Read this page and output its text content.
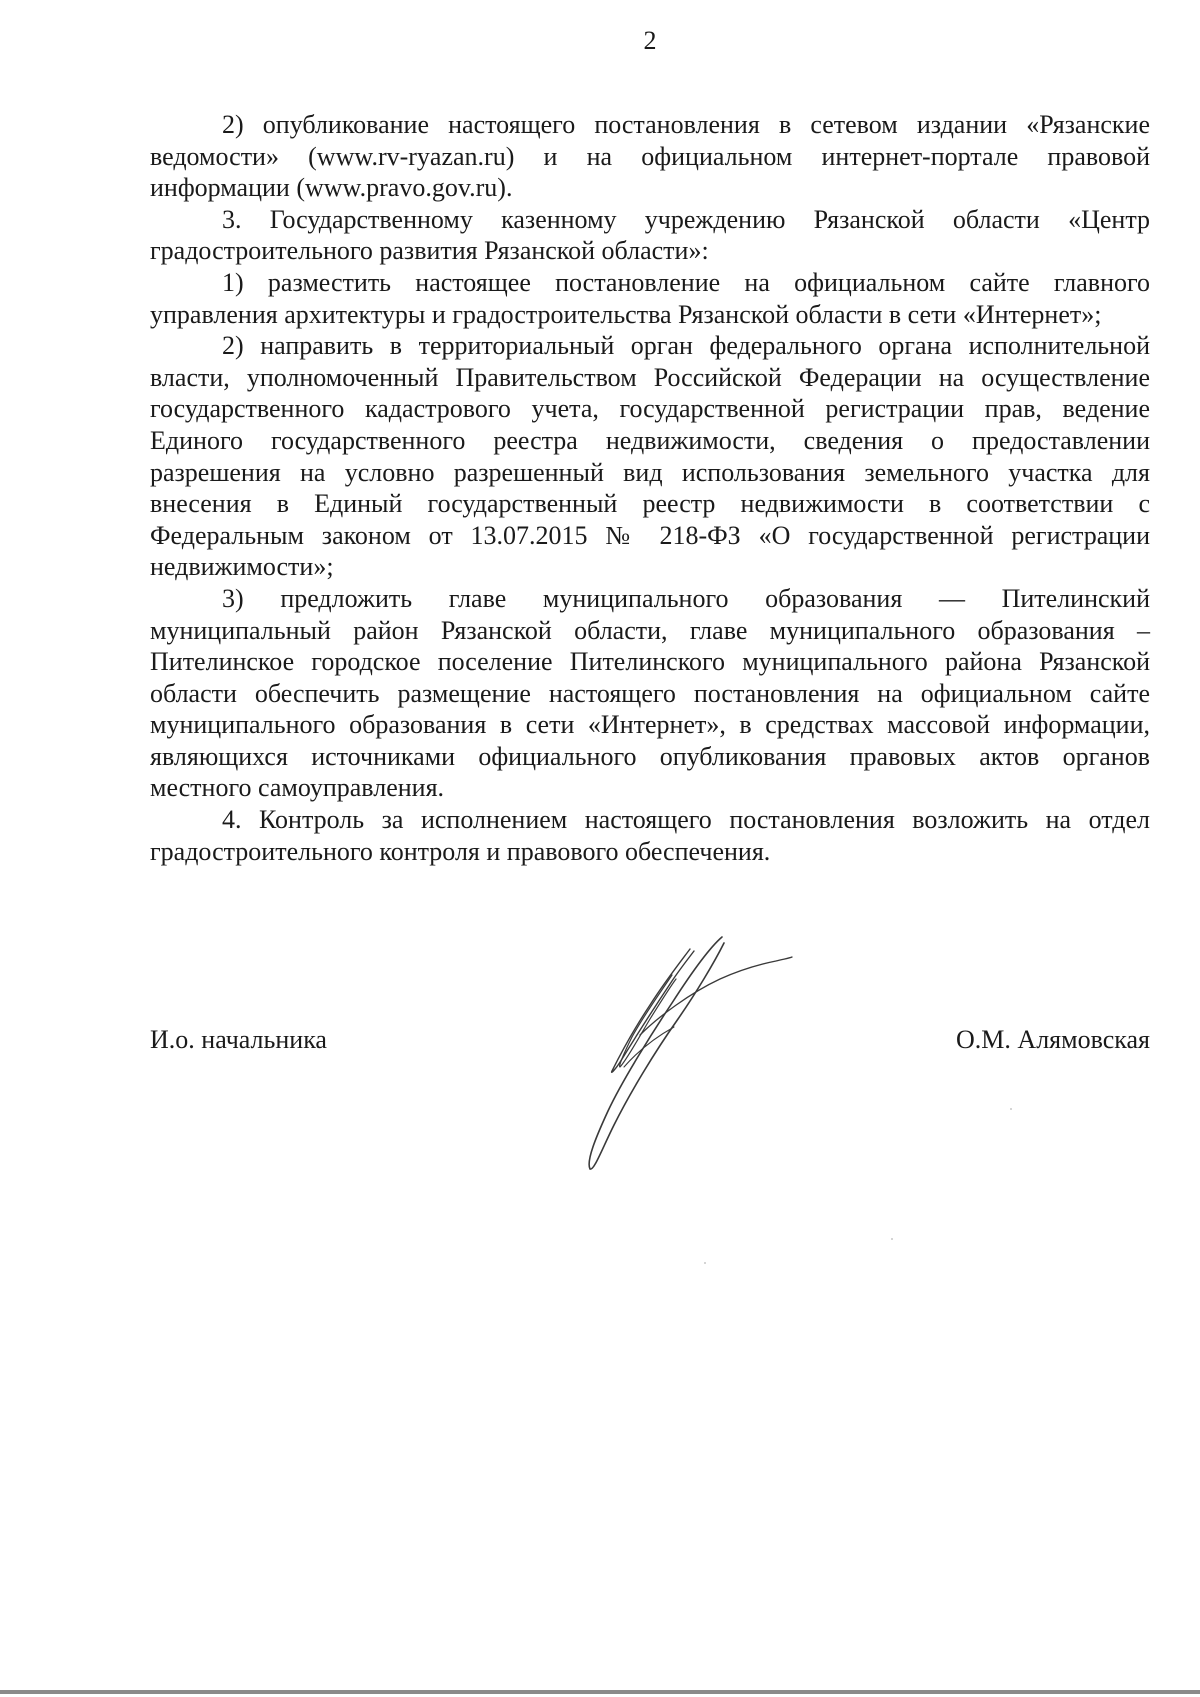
2

2) опубликование настоящего постановления в сетевом издании «Рязанские ведомости» (www.rv-ryazan.ru) и на официальном интернет-портале правовой информации (www.pravo.gov.ru).

3. Государственному казенному учреждению Рязанской области «Центр градостроительного развития Рязанской области»:

1) разместить настоящее постановление на официальном сайте главного управления архитектуры и градостроительства Рязанской области в сети «Интернет»;

2) направить в территориальный орган федерального органа исполнительной власти, уполномоченный Правительством Российской Федерации на осуществление государственного кадастрового учета, государственной регистрации прав, ведение Единого государственного реестра недвижимости, сведения о предоставлении разрешения на условно разрешенный вид использования земельного участка для внесения в Единый государственный реестр недвижимости в соответствии с Федеральным законом от 13.07.2015 № 218-ФЗ «О государственной регистрации недвижимости»;

3) предложить главе муниципального образования — Пителинский муниципальный район Рязанской области, главе муниципального образования – Пителинское городское поселение Пителинского муниципального района Рязанской области обеспечить размещение настоящего постановления на официальном сайте муниципального образования в сети «Интернет», в средствах массовой информации, являющихся источниками официального опубликования правовых актов органов местного самоуправления.

4. Контроль за исполнением настоящего постановления возложить на отдел градостроительного контроля и правового обеспечения.

И.о. начальника	О.М. Алямовская
